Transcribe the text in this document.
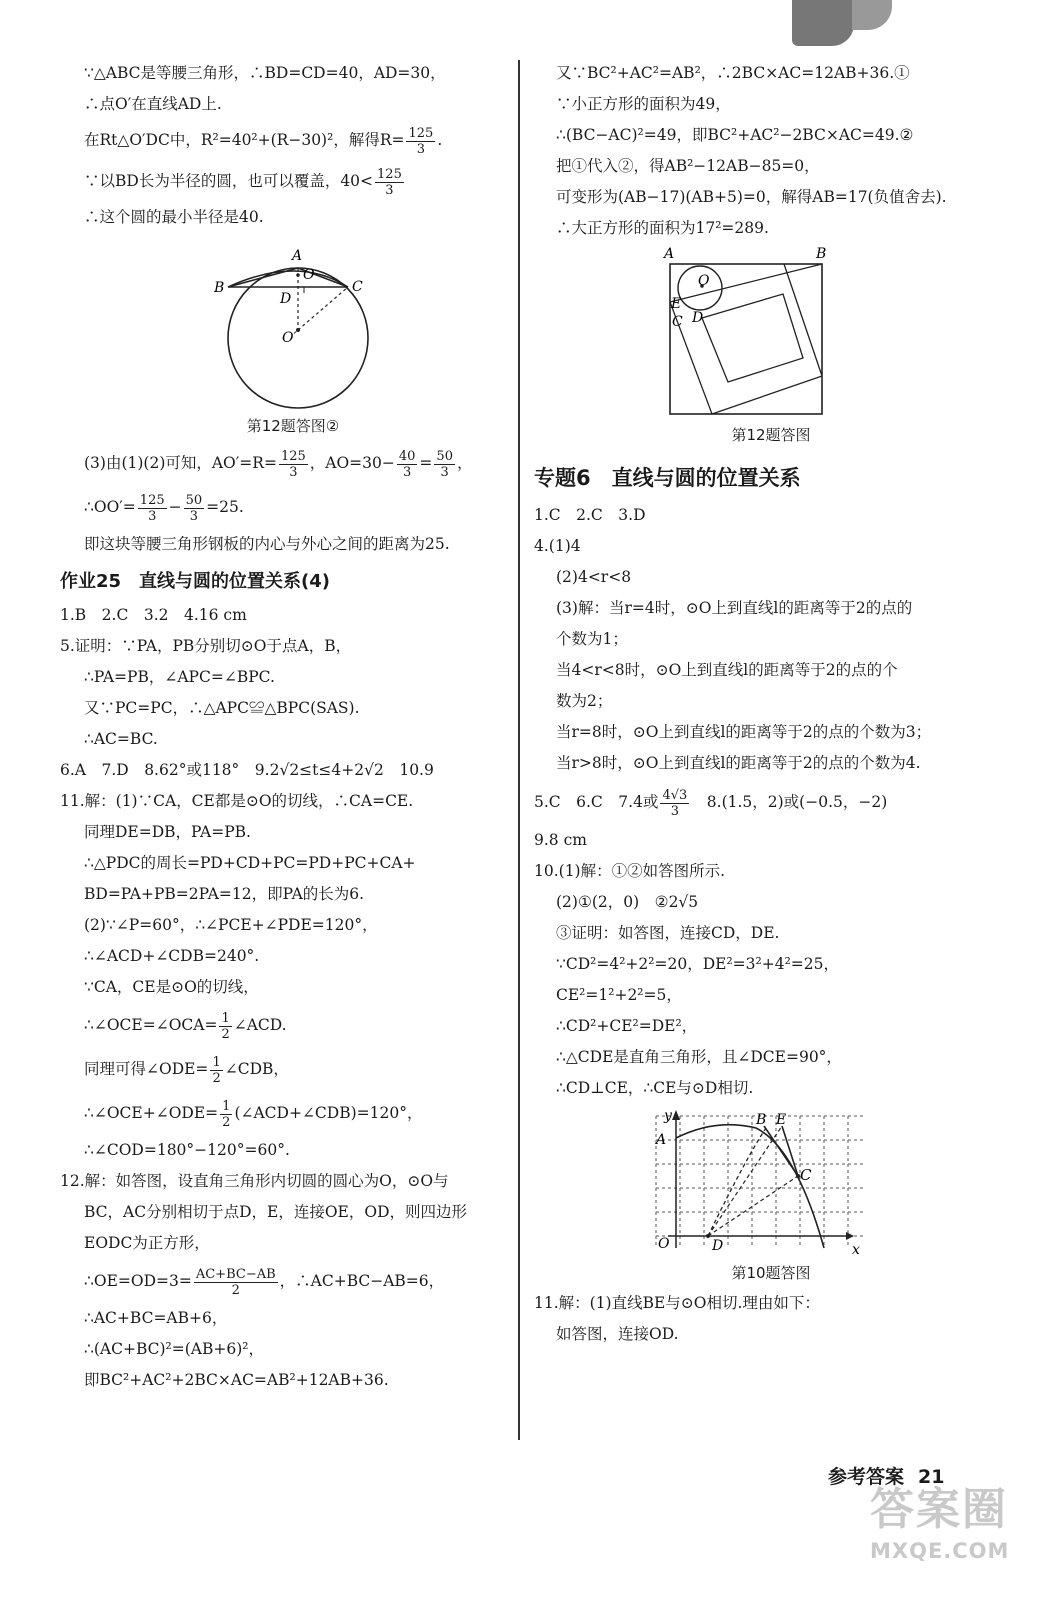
∵△ABC是等腰三角形，∴BD=CD=40，AD=30，
∴点O′在直线AD上.
在Rt△O′DC中，R²=40²+(R−30)²，解得$R= \frac{125}{3}$ .
∵以BD长为半径的圆，也可以覆盖，$40< \frac{125}{3}$
∴这个圆的最小半径是40.
A
B	C
D
O
O′
第12题答图②
(3)由(1)(2)可知，$AO'=R= \frac{125}{3}$ ，$AO=30- \frac{40}{3} = \frac{50}{3}$ ，
∴OO′= $\frac{125}{3} - \frac{50}{3} =25$.
即这块等腰三角形钢板的内心与外心之间的距离为25.
作业25　直线与圆的位置关系(4)
1.B　2.C　3.2　4.16 cm
5.证明：∵PA，PB分别切⊙O于点A，B，
∴PA=PB，∠APC=∠BPC.
又∵PC=PC，∴△APC≌△BPC(SAS).
∴AC=BC.
6.A　7.D　8.62°或118°　9.2√2≤t≤4+2√2　10.9
11.解：(1)∵CA，CE都是⊙O的切线，∴CA=CE.
同理DE=DB，PA=PB.
∴△PDC的周长=PD+CD+PC=PD+PC+CA+
BD=PA+PB=2PA=12，即PA的长为6.
(2)∵∠P=60°，∴∠PCE+∠PDE=120°，
∴∠ACD+∠CDB=240°.
∵CA，CE是⊙O的切线，
∴∠OCE=∠OCA= $\frac{1}{2}$ ∠ACD.
同理可得∠ODE= $\frac{1}{2}$ ∠CDB，
∴∠OCE+∠ODE= $\frac{1}{2}$ (∠ACD+∠CDB)=120°，
∴∠COD=180°−120°=60°.
12.解：如答图，设直角三角形内切圆的圆心为O，⊙O与
BC，AC分别相切于点D，E，连接OE，OD，则四边形
EODC为正方形，
∴OE=OD=3= $\frac{AC+BC-AB}{2}$ ，∴AC+BC−AB=6，
∴AC+BC=AB+6，
∴(AC+BC)²=(AB+6)²，
即BC²+AC²+2BC×AC=AB²+12AB+36.
又∵BC²+AC²=AB²，∴2BC×AC=12AB+36.①
∵小正方形的面积为49，
∴(BC−AC)²=49，即BC²+AC²−2BC×AC=49.②
把①代入②，得AB²−12AB−85=0，
可变形为(AB−17)(AB+5)=0，解得AB=17(负值舍去).
∴大正方形的面积为17²=289.
A	B
C D
E
O
第12题答图
专题6　直线与圆的位置关系
1.C　2.C　3.D
4.(1)4
(2)4<r<8
(3)解：当r=4时，⊙O上到直线l的距离等于2的点的
个数为1；
当4<r<8时，⊙O上到直线l的距离等于2的点的个
数为2；
当r=8时，⊙O上到直线l的距离等于2的点的个数为3；
当r>8时，⊙O上到直线l的距离等于2的点的个数为4.
5.C　6.C　7.4或 $\frac{4√3}{3}$ 　8.(1.5，2)或(−0.5，−2)
9.8 cm
10.(1)解：①②如答图所示.
(2)①(2，0)　②2√5
③证明：如答图，连接CD，DE.
∵CD²=4²+2²=20，DE²=3²+4²=25，
CE²=1²+2²=5，
∴CD²+CE²=DE²，
∴△CDE是直角三角形，且∠DCE=90°，
∴CD⊥CE，∴CE与⊙D相切.
y
A
B E
C
O	D	x
第10题答图
11.解：(1)直线BE与⊙O相切.理由如下：
如答图，连接OD.
参考答案 21
答案圈
MXQE.COM
